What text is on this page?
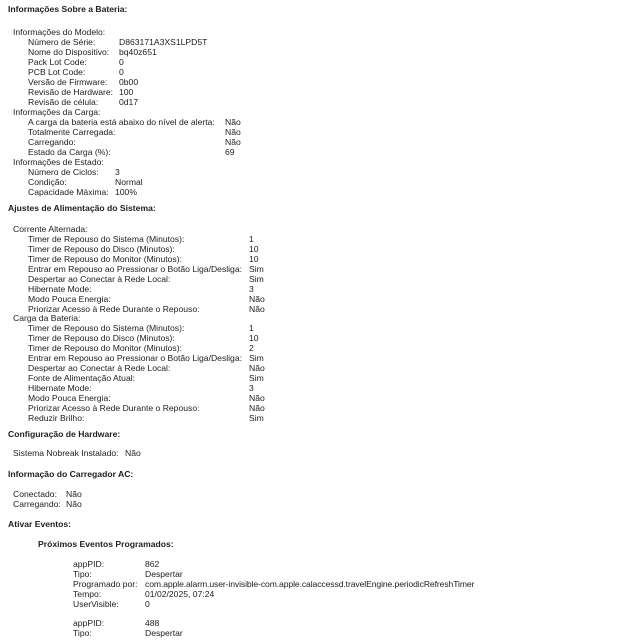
Informações Sobre a Bateria:
Informações do Modelo:
Número de Série:	D863171A3XS1LPD5T
Nome do Dispositivo: bq40z651
Pack Lot Code:	0
PCB Lot Code:	0
Versão de Firmware: 0b00
Revisão de Hardware: 100
Revisão de célula: 0d17
Informações da Carga:
A carga da bateria está abaixo do nível de alerta: Não
Totalmente Carregada:	Não
Carregando:	Não
Estado da Carga (%):	69
Informações de Estado:
Número de Ciclos: 3
Condição:	Normal
Capacidade Máxima: 100%
Ajustes de Alimentação do Sistema:
Corrente Alternada:
Timer de Repouso do Sistema (Minutos):	1
Timer de Repouso do Disco (Minutos):	10
Timer de Repouso do Monitor (Minutos):	10
Entrar em Repouso ao Pressionar o Botão Liga/Desliga: Sim
Despertar ao Conectar à Rede Local:	Sim
Hibernate Mode:	3
Modo Pouca Energia:	Não
Priorizar Acesso à Rede Durante o Repouso:	Não
Carga da Bateria:
Timer de Repouso do Sistema (Minutos):	1
Timer de Repouso do Disco (Minutos):	10
Timer de Repouso do Monitor (Minutos):	2
Entrar em Repouso ao Pressionar o Botão Liga/Desliga: Sim
Despertar ao Conectar à Rede Local:	Não
Fonte de Alimentação Atual:	Sim
Hibernate Mode:	3
Modo Pouca Energia:	Não
Priorizar Acesso à Rede Durante o Repouso:	Não
Reduzir Brilho:	Sim
Configuração de Hardware:
Sistema Nobreak Instalado: Não
Informação do Carregador AC:
Conectado: Não
Carregando: Não
Ativar Eventos:
Próximos Eventos Programados:
appPID:	862
Tipo:	Despertar
Programado por: com.apple.alarm.user-invisible-com.apple.calaccessd.travelEngine.periodicRefreshTimer
Tempo:	01/02/2025, 07:24
UserVisible:	0
appPID:	488
Tipo:	Despertar
